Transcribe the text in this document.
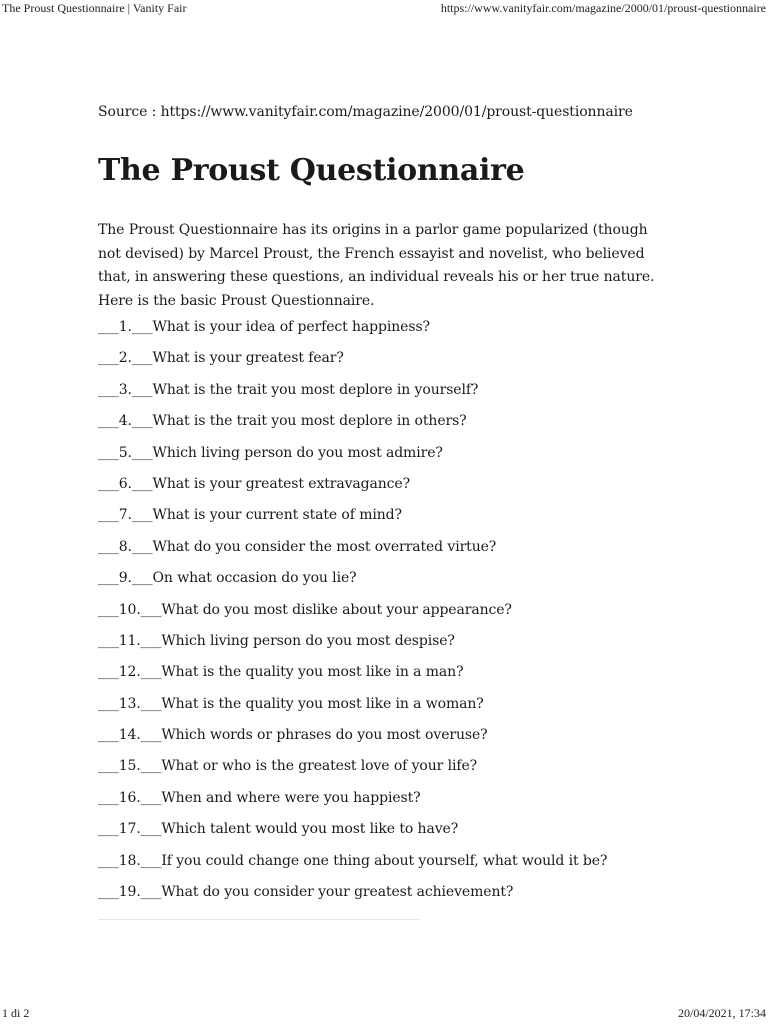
The Proust Questionnaire | Vanity Fair	https://www.vanityfair.com/magazine/2000/01/proust-questionnaire
Source : https://www.vanityfair.com/magazine/2000/01/proust-questionnaire
The Proust Questionnaire

The Proust Questionnaire has its origins in a parlor game popularized (though not devised) by Marcel Proust, the French essayist and novelist, who believed that, in answering these questions, an individual reveals his or her true nature. Here is the basic Proust Questionnaire.

___1.___What is your idea of perfect happiness?
___2.___What is your greatest fear?
___3.___What is the trait you most deplore in yourself?
___4.___What is the trait you most deplore in others?
___5.___Which living person do you most admire?
___6.___What is your greatest extravagance?
___7.___What is your current state of mind?
___8.___What do you consider the most overrated virtue?
___9.___On what occasion do you lie?
___10.___What do you most dislike about your appearance?
___11.___Which living person do you most despise?
___12.___What is the quality you most like in a man?
___13.___What is the quality you most like in a woman?
___14.___Which words or phrases do you most overuse?
___15.___What or who is the greatest love of your life?
___16.___When and where were you happiest?
___17.___Which talent would you most like to have?
___18.___If you could change one thing about yourself, what would it be?
___19.___What do you consider your greatest achievement?
1 di 2	20/04/2021, 17:34
